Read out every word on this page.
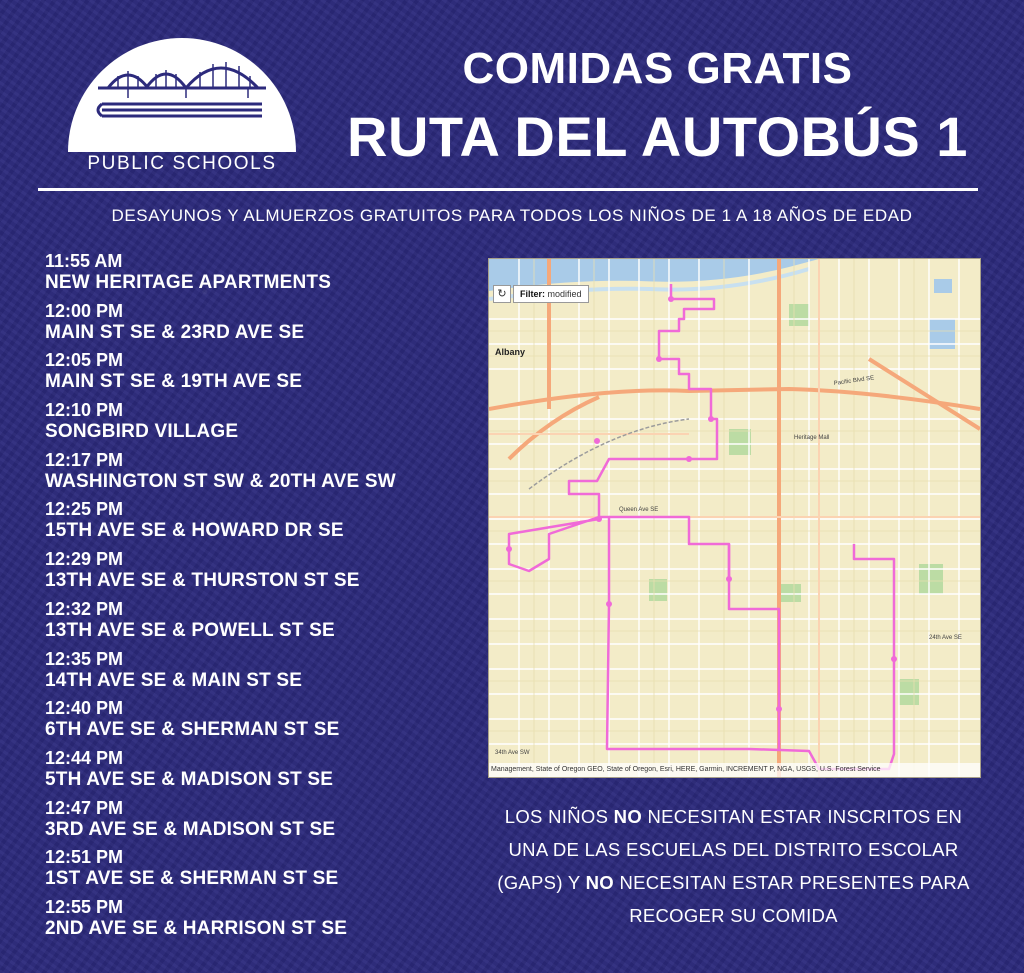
GREATER ALBANY
PUBLIC SCHOOLS
COMIDAS GRATIS
RUTA DEL AUTOBÚS 1
DESAYUNOS Y ALMUERZOS GRATUITOS PARA TODOS LOS NIÑOS DE 1 A 18 AÑOS DE EDAD
11:55 AM
NEW HERITAGE APARTMENTS
12:00 PM
MAIN ST SE & 23RD AVE SE
12:05 PM
MAIN ST SE & 19TH AVE SE
12:10 PM
SONGBIRD VILLAGE
12:17 PM
WASHINGTON ST SW & 20TH AVE SW
12:25 PM
15TH AVE SE & HOWARD DR SE
12:29 PM
13TH AVE SE & THURSTON ST SE
12:32 PM
13TH AVE SE & POWELL ST SE
12:35 PM
14TH AVE SE & MAIN ST SE
12:40 PM
6TH AVE SE & SHERMAN ST SE
12:44 PM
5TH AVE SE & MADISON ST SE
12:47 PM
3RD AVE SE & MADISON ST SE
12:51 PM
1ST AVE SE & SHERMAN ST SE
12:55 PM
2ND AVE SE & HARRISON ST SE
Albany
Pacific Blvd SE
Heritage Mall
Queen Ave SE
24th Ave SE
34th Ave SW
↻	Filter: modified
Management, State of Oregon GEO, State of Oregon, Esri, HERE, Garmin, INCREMENT P, NGA, USGS, U.S. Forest Service
LOS NIÑOS NO NECESITAN ESTAR INSCRITOS EN UNA DE LAS ESCUELAS DEL DISTRITO ESCOLAR (GAPS) Y NO NECESITAN ESTAR PRESENTES PARA RECOGER SU COMIDA
